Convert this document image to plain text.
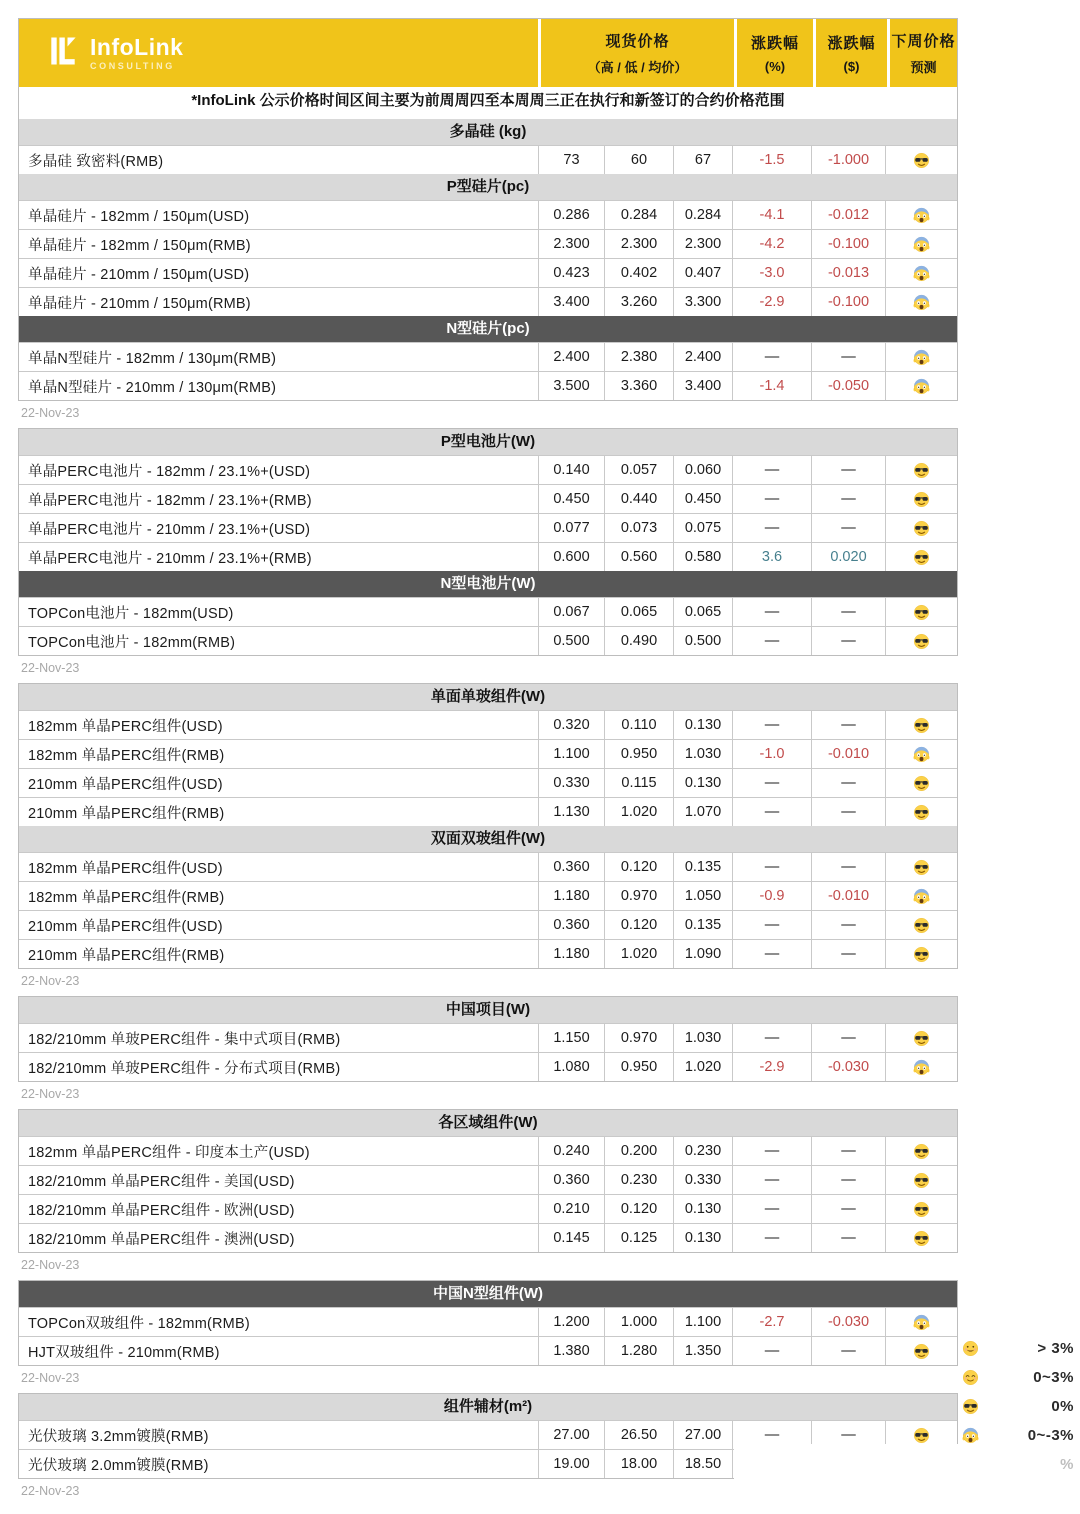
InfoLink
CONSULTING
现货价格
（高 / 低 / 均价）
涨跌幅
(%)
涨跌幅
($)
下周价格
预测
*InfoLink 公示价格时间区间主要为前周周四至本周周三正在执行和新签订的合约价格范围
多晶硅 (kg)
多晶硅 致密料(RMB)	73	60	67	-1.5	-1.000
P型硅片(pc)
单晶硅片 - 182mm / 150μm(USD)	0.286	0.284	0.284	-4.1	-0.012
单晶硅片 - 182mm / 150μm(RMB)	2.300	2.300	2.300	-4.2	-0.100
单晶硅片 - 210mm / 150μm(USD)	0.423	0.402	0.407	-3.0	-0.013
单晶硅片 - 210mm / 150μm(RMB)	3.400	3.260	3.300	-2.9	-0.100
N型硅片(pc)
单晶N型硅片 - 182mm / 130μm(RMB)	2.400	2.380	2.400	—	—
单晶N型硅片 - 210mm / 130μm(RMB)	3.500	3.360	3.400	-1.4	-0.050
22-Nov-23
P型电池片(W)
单晶PERC电池片 - 182mm / 23.1%+(USD)	0.140	0.057	0.060	—	—
单晶PERC电池片 - 182mm / 23.1%+(RMB)	0.450	0.440	0.450	—	—
单晶PERC电池片 - 210mm / 23.1%+(USD)	0.077	0.073	0.075	—	—
单晶PERC电池片 - 210mm / 23.1%+(RMB)	0.600	0.560	0.580	3.6	0.020
N型电池片(W)
TOPCon电池片 - 182mm(USD)	0.067	0.065	0.065	—	—
TOPCon电池片 - 182mm(RMB)	0.500	0.490	0.500	—	—
22-Nov-23
单面单玻组件(W)
182mm 单晶PERC组件(USD)	0.320	0.110	0.130	—	—
182mm 单晶PERC组件(RMB)	1.100	0.950	1.030	-1.0	-0.010
210mm 单晶PERC组件(USD)	0.330	0.115	0.130	—	—
210mm 单晶PERC组件(RMB)	1.130	1.020	1.070	—	—
双面双玻组件(W)
182mm 单晶PERC组件(USD)	0.360	0.120	0.135	—	—
182mm 单晶PERC组件(RMB)	1.180	0.970	1.050	-0.9	-0.010
210mm 单晶PERC组件(USD)	0.360	0.120	0.135	—	—
210mm 单晶PERC组件(RMB)	1.180	1.020	1.090	—	—
22-Nov-23
中国项目(W)
182/210mm 单玻PERC组件 - 集中式项目(RMB)	1.150	0.970	1.030	—	—
182/210mm 单玻PERC组件 - 分布式项目(RMB)	1.080	0.950	1.020	-2.9	-0.030
22-Nov-23
各区域组件(W)
182mm 单晶PERC组件 - 印度本土产(USD)	0.240	0.200	0.230	—	—
182/210mm 单晶PERC组件 - 美国(USD)	0.360	0.230	0.330	—	—
182/210mm 单晶PERC组件 - 欧洲(USD)	0.210	0.120	0.130	—	—
182/210mm 单晶PERC组件 - 澳洲(USD)	0.145	0.125	0.130	—	—
22-Nov-23
中国N型组件(W)
TOPCon双玻组件 - 182mm(RMB)	1.200	1.000	1.100	-2.7	-0.030
HJT双玻组件 - 210mm(RMB)	1.380	1.280	1.350	—	—
22-Nov-23
组件辅材(m²)
光伏玻璃 3.2mm镀膜(RMB)	27.00	26.50	27.00	—	—
光伏玻璃 2.0mm镀膜(RMB)	19.00	18.00	18.50
22-Nov-23
> 3%
0~3%
0%
0~-3%
%
